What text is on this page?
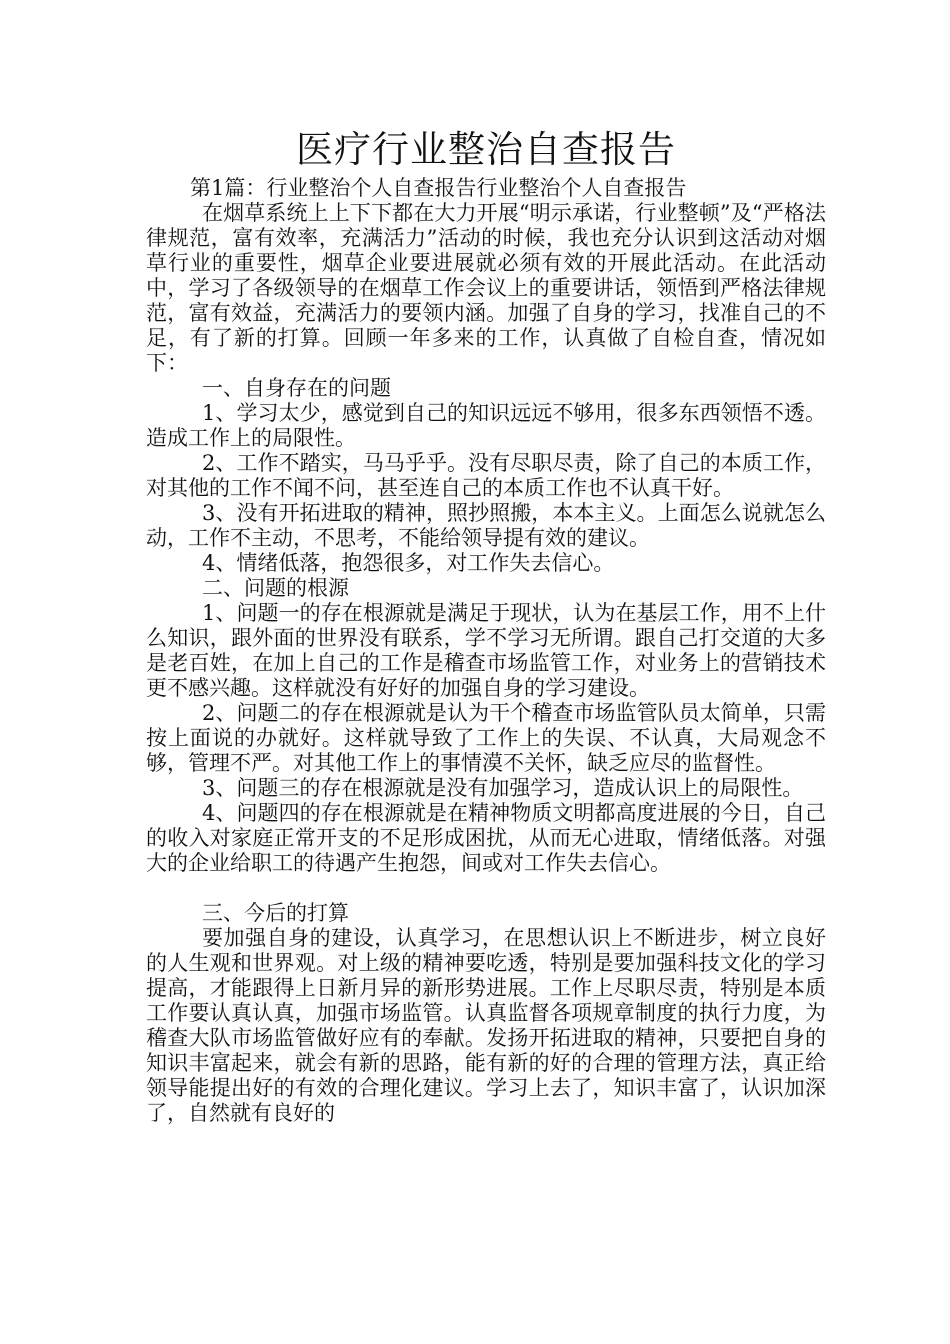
医疗行业整治自查报告

第1篇：行业整治个人自查报告行业整治个人自查报告

在烟草系统上上下下都在大力开展“明示承诺，行业整顿”及“严格法律规范，富有效率，充满活力”活动的时候，我也充分认识到这活动对烟草行业的重要性，烟草企业要进展就必须有效的开展此活动。在此活动中，学习了各级领导的在烟草工作会议上的重要讲话，领悟到严格法律规范，富有效益，充满活力的要领内涵。加强了自身的学习，找准自己的不足，有了新的打算。回顾一年多来的工作，认真做了自检自查，情况如下：

一、自身存在的问题

1、学习太少，感觉到自己的知识远远不够用，很多东西领悟不透。造成工作上的局限性。

2、工作不踏实，马马乎乎。没有尽职尽责，除了自己的本质工作，对其他的工作不闻不问，甚至连自己的本质工作也不认真干好。

3、没有开拓进取的精神，照抄照搬，本本主义。上面怎么说就怎么动，工作不主动，不思考，不能给领导提有效的建议。

4、情绪低落，抱怨很多，对工作失去信心。

二、问题的根源

1、问题一的存在根源就是满足于现状，认为在基层工作，用不上什么知识，跟外面的世界没有联系，学不学习无所谓。跟自己打交道的大多是老百姓，在加上自己的工作是稽查市场监管工作，对业务上的营销技术更不感兴趣。这样就没有好好的加强自身的学习建设。

2、问题二的存在根源就是认为干个稽查市场监管队员太简单，只需按上面说的办就好。这样就导致了工作上的失误、不认真，大局观念不够，管理不严。对其他工作上的事情漠不关怀，缺乏应尽的监督性。

3、问题三的存在根源就是没有加强学习，造成认识上的局限性。

4、问题四的存在根源就是在精神物质文明都高度进展的今日，自己的收入对家庭正常开支的不足形成困扰，从而无心进取，情绪低落。对强大的企业给职工的待遇产生抱怨，间或对工作失去信心。

三、今后的打算

要加强自身的建设，认真学习，在思想认识上不断进步，树立良好的人生观和世界观。对上级的精神要吃透，特别是要加强科技文化的学习提高，才能跟得上日新月异的新形势进展。工作上尽职尽责，特别是本质工作要认真认真，加强市场监管。认真监督各项规章制度的执行力度，为稽查大队市场监管做好应有的奉献。发扬开拓进取的精神，只要把自身的知识丰富起来，就会有新的思路，能有新的好的合理的管理方法，真正给领导能提出好的有效的合理化建议。学习上去了，知识丰富了，认识加深了，自然就有良好的
